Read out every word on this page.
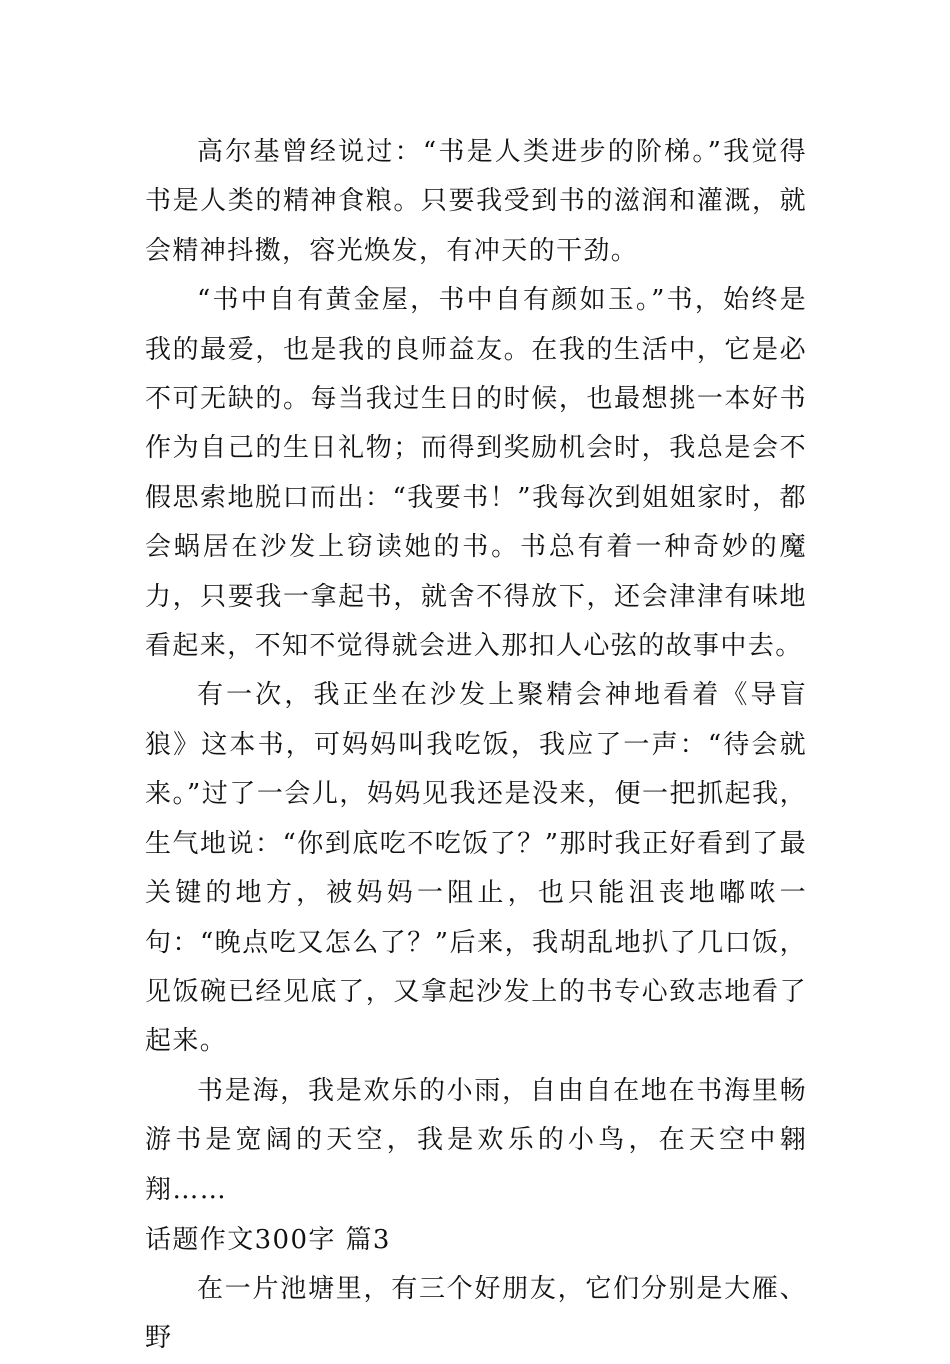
高尔基曾经说过：“书是人类进步的阶梯。”我觉得书是人类的精神食粮。只要我受到书的滋润和灌溉，就会精神抖擞，容光焕发，有冲天的干劲。

“书中自有黄金屋，书中自有颜如玉。”书，始终是我的最爱，也是我的良师益友。在我的生活中，它是必不可无缺的。每当我过生日的时候，也最想挑一本好书作为自己的生日礼物；而得到奖励机会时，我总是会不假思索地脱口而出：“我要书！”我每次到姐姐家时，都会蜗居在沙发上窃读她的书。书总有着一种奇妙的魔力，只要我一拿起书，就舍不得放下，还会津津有味地看起来，不知不觉得就会进入那扣人心弦的故事中去。

有一次，我正坐在沙发上聚精会神地看着《导盲狼》这本书，可妈妈叫我吃饭，我应了一声：“待会就来。”过了一会儿，妈妈见我还是没来，便一把抓起我，生气地说：“你到底吃不吃饭了？”那时我正好看到了最关键的地方，被妈妈一阻止，也只能沮丧地嘟哝一句：“晚点吃又怎么了？”后来，我胡乱地扒了几口饭，见饭碗已经见底了，又拿起沙发上的书专心致志地看了起来。

书是海，我是欢乐的小雨，自由自在地在书海里畅游书是宽阔的天空，我是欢乐的小鸟，在天空中翱翔……

话题作文300字 篇3

在一片池塘里，有三个好朋友，它们分别是大雁、野
